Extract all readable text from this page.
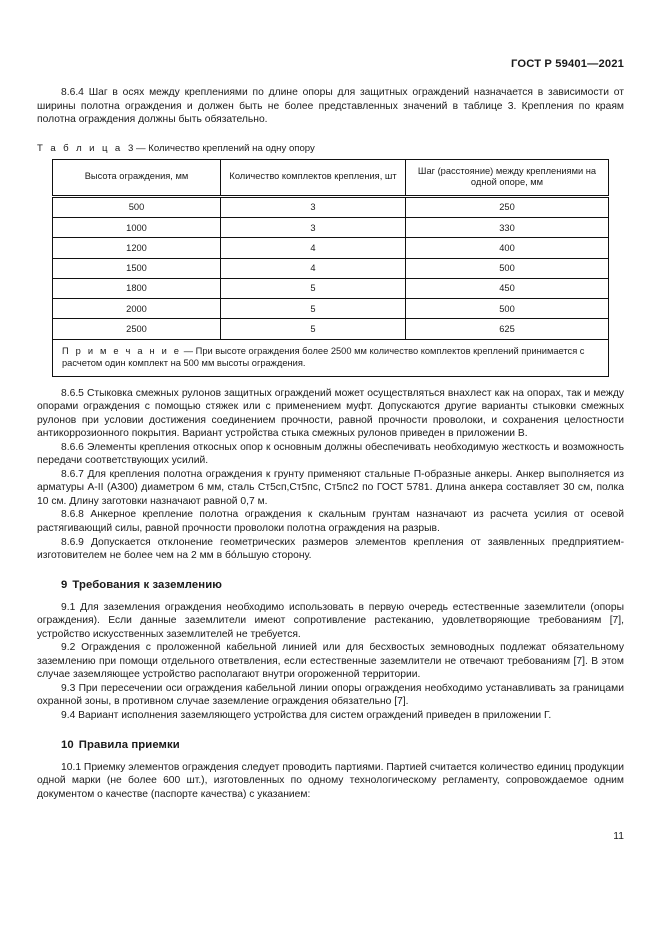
ГОСТ Р 59401—2021

8.6.4 Шаг в осях между креплениями по длине опоры для защитных ограждений назначается в зависимости от ширины полотна ограждения и должен быть не более представленных значений в таблице 3. Крепления по краям полотна ограждения должны быть обязательно.

Т а б л и ц а 3 — Количество креплений на одну опору

Высота ограждения, мм	Количество комплектов крепления, шт	Шаг (расстояние) между креплениями на одной опоре, мм
500	3	250
1000	3	330
1200	4	400
1500	4	500
1800	5	450
2000	5	500
2500	5	625
П р и м е ч а н и е — При высоте ограждения более 2500 мм количество комплектов креплений принимается с расчетом один комплект на 500 мм высоты ограждения.		

8.6.5 Стыковка смежных рулонов защитных ограждений может осуществляться внахлест как на опорах, так и между опорами ограждения с помощью стяжек или с применением муфт. Допускаются другие варианты стыковки смежных рулонов при условии достижения соединением прочности, равной прочности проволоки, и сохранения целостности антикоррозионного покрытия. Вариант устройства стыка смежных рулонов приведен в приложении В.

8.6.6 Элементы крепления откосных опор к основным должны обеспечивать необходимую жесткость и возможность передачи соответствующих усилий.

8.6.7 Для крепления полотна ограждения к грунту применяют стальные П-образные анкеры. Анкер выполняется из арматуры А-II (А300) диаметром 6 мм, сталь Ст5сп,Ст5пс, Ст5пс2 по ГОСТ 5781. Длина анкера составляет 30 см, полка 10 см. Длину заготовки назначают равной 0,7 м.

8.6.8 Анкерное крепление полотна ограждения к скальным грунтам назначают из расчета усилия от осевой растягивающий силы, равной прочности проволоки полотна ограждения на разрыв.

8.6.9 Допускается отклонение геометрических размеров элементов крепления от заявленных предприятием-изготовителем не более чем на 2 мм в бо́льшую сторону.

9 Требования к заземлению

9.1 Для заземления ограждения необходимо использовать в первую очередь естественные заземлители (опоры ограждения). Если данные заземлители имеют сопротивление растеканию, удовлетворяющие требованиям [7], устройство искусственных заземлителей не требуется.

9.2 Ограждения с проложенной кабельной линией или для бесхвостых земноводных подлежат обязательному заземлению при помощи отдельного ответвления, если естественные заземлители не отвечают требованиям [7]. В этом случае заземляющее устройство располагают внутри огороженной территории.

9.3 При пересечении оси ограждения кабельной линии опоры ограждения необходимо устанавливать за границами охранной зоны, в противном случае заземление ограждения обязательно [7].

9.4 Вариант исполнения заземляющего устройства для систем ограждений приведен в приложении Г.

10 Правила приемки

10.1 Приемку элементов ограждения следует проводить партиями. Партией считается количество единиц продукции одной марки (не более 600 шт.), изготовленных по одному технологическому регламенту, сопровождаемое одним документом о качестве (паспорте качества) с указанием:

11
